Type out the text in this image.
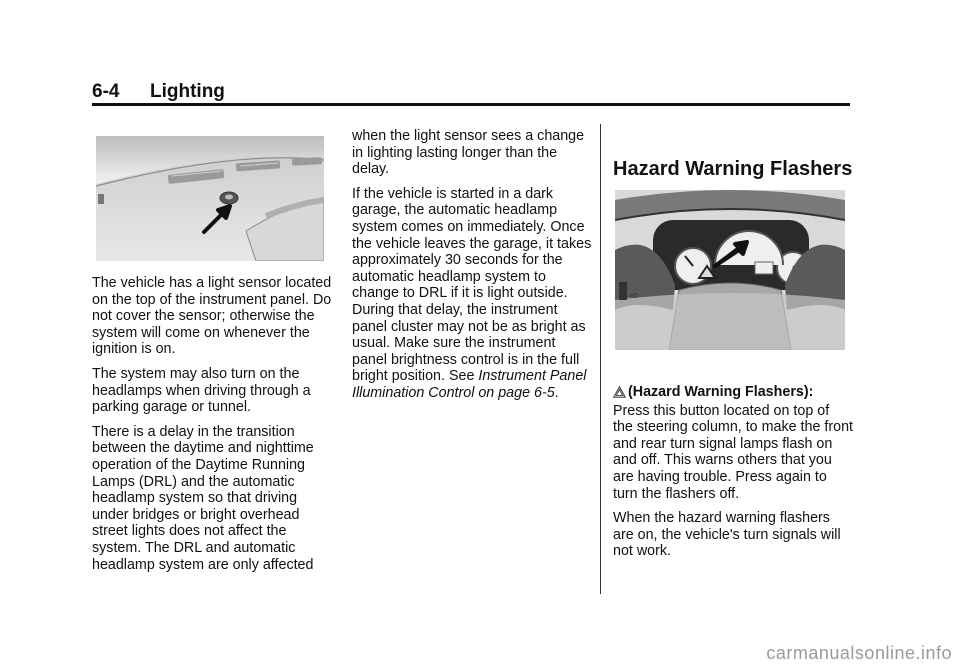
6-4 Lighting

The vehicle has a light sensor located on the top of the instrument panel. Do not cover the sensor; otherwise the system will come on whenever the ignition is on.

The system may also turn on the headlamps when driving through a parking garage or tunnel.

There is a delay in the transition between the daytime and nighttime operation of the Daytime Running Lamps (DRL) and the automatic headlamp system so that driving under bridges or bright overhead street lights does not affect the system. The DRL and automatic headlamp system are only affected

when the light sensor sees a change in lighting lasting longer than the delay.

If the vehicle is started in a dark garage, the automatic headlamp system comes on immediately. Once the vehicle leaves the garage, it takes approximately 30 seconds for the automatic headlamp system to change to DRL if it is light outside. During that delay, the instrument panel cluster may not be as bright as usual. Make sure the instrument panel brightness control is in the full bright position. See Instrument Panel Illumination Control on page 6-5.

Hazard Warning Flashers
≡D

(Hazard Warning Flashers): Press this button located on top of the steering column, to make the front and rear turn signal lamps flash on and off. This warns others that you are having trouble. Press again to turn the flashers off.

When the hazard warning flashers are on, the vehicle's turn signals will not work.

carmanualsonline.info
